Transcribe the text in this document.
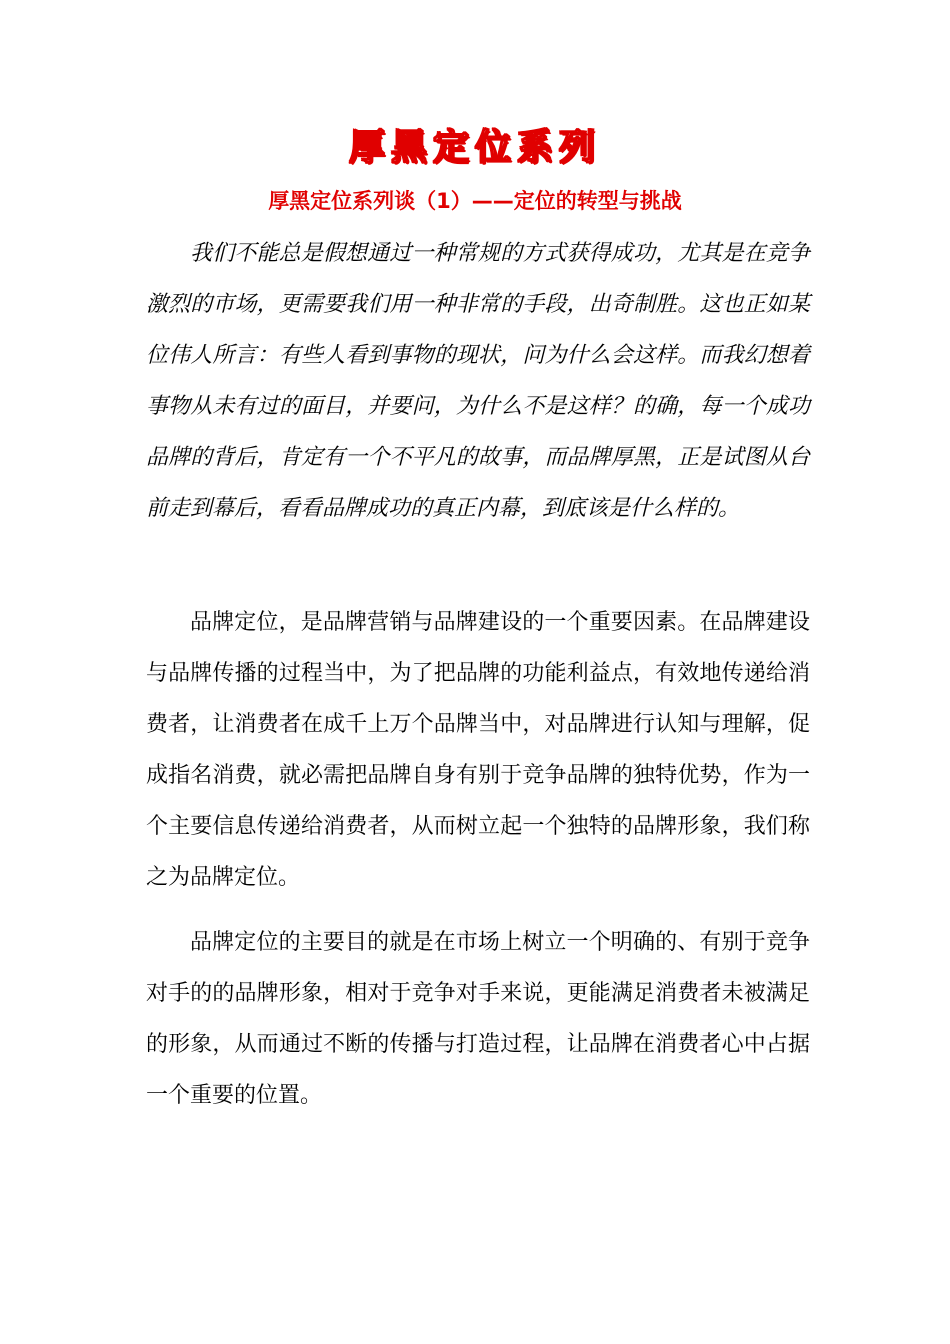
厚黑定位系列
厚黑定位系列谈（1）——定位的转型与挑战

我们不能总是假想通过一种常规的方式获得成功，尤其是在竞争激烈的市场，更需要我们用一种非常的手段，出奇制胜。这也正如某位伟人所言：有些人看到事物的现状，问为什么会这样。而我幻想着事物从未有过的面目，并要问，为什么不是这样？的确，每一个成功品牌的背后，肯定有一个不平凡的故事，而品牌厚黑，正是试图从台前走到幕后，看看品牌成功的真正内幕，到底该是什么样的。

品牌定位，是品牌营销与品牌建设的一个重要因素。在品牌建设与品牌传播的过程当中，为了把品牌的功能利益点，有效地传递给消费者，让消费者在成千上万个品牌当中，对品牌进行认知与理解，促成指名消费，就必需把品牌自身有别于竞争品牌的独特优势，作为一个主要信息传递给消费者，从而树立起一个独特的品牌形象，我们称之为品牌定位。

品牌定位的主要目的就是在市场上树立一个明确的、有别于竞争对手的的品牌形象，相对于竞争对手来说，更能满足消费者未被满足的形象，从而通过不断的传播与打造过程，让品牌在消费者心中占据一个重要的位置。
